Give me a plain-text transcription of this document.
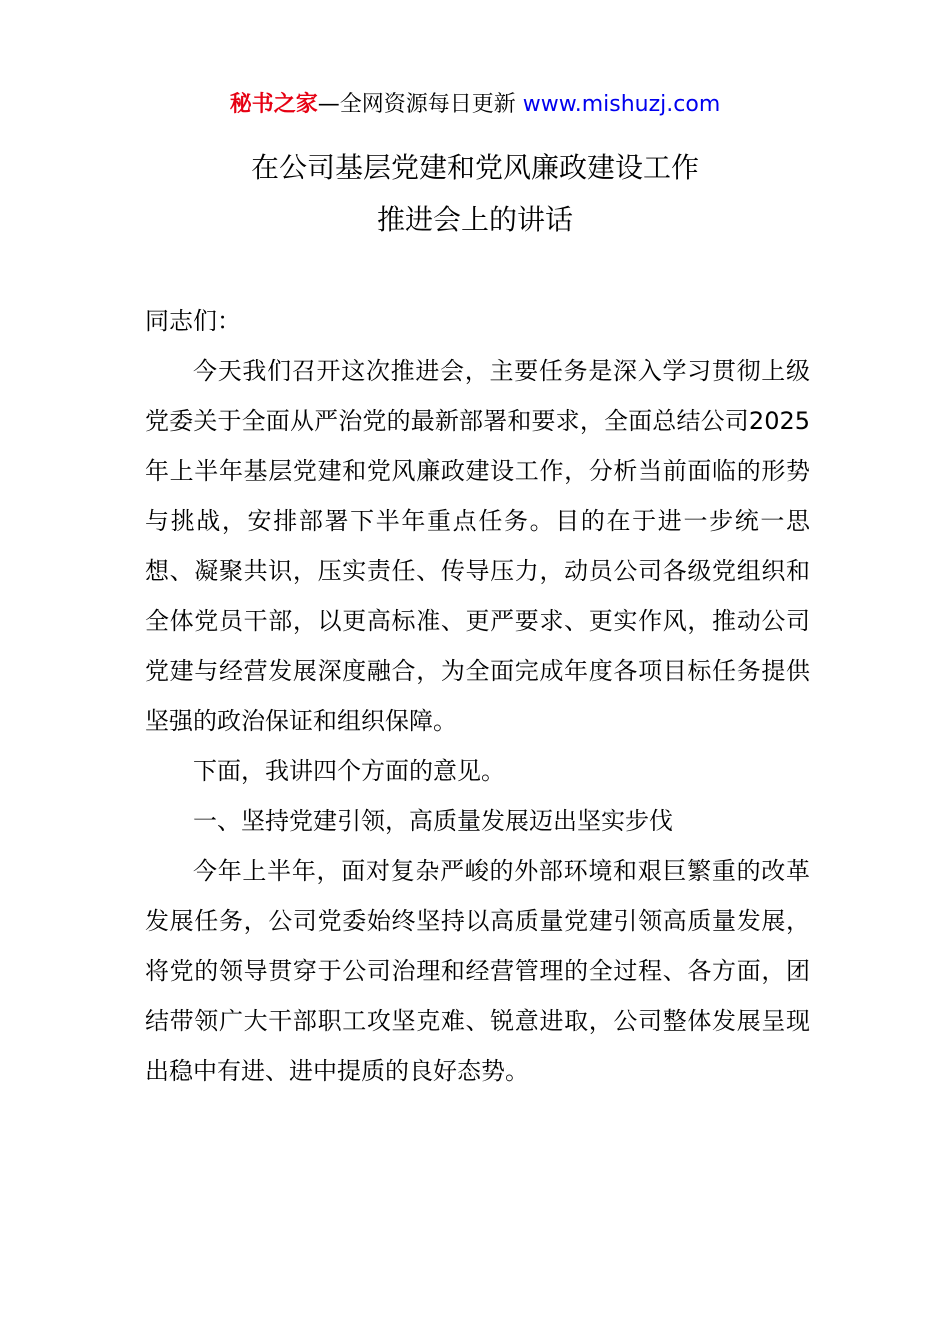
秘书之家—全网资源每日更新 www.mishuzj.com
在公司基层党建和党风廉政建设工作
推进会上的讲话

同志们：

今天我们召开这次推进会，主要任务是深入学习贯彻上级党委关于全面从严治党的最新部署和要求，全面总结公司2025年上半年基层党建和党风廉政建设工作，分析当前面临的形势与挑战，安排部署下半年重点任务。目的在于进一步统一思想、凝聚共识，压实责任、传导压力，动员公司各级党组织和全体党员干部，以更高标准、更严要求、更实作风，推动公司党建与经营发展深度融合，为全面完成年度各项目标任务提供坚强的政治保证和组织保障。

下面，我讲四个方面的意见。

一、坚持党建引领，高质量发展迈出坚实步伐

今年上半年，面对复杂严峻的外部环境和艰巨繁重的改革发展任务，公司党委始终坚持以高质量党建引领高质量发展，将党的领导贯穿于公司治理和经营管理的全过程、各方面，团结带领广大干部职工攻坚克难、锐意进取，公司整体发展呈现出稳中有进、进中提质的良好态势。
